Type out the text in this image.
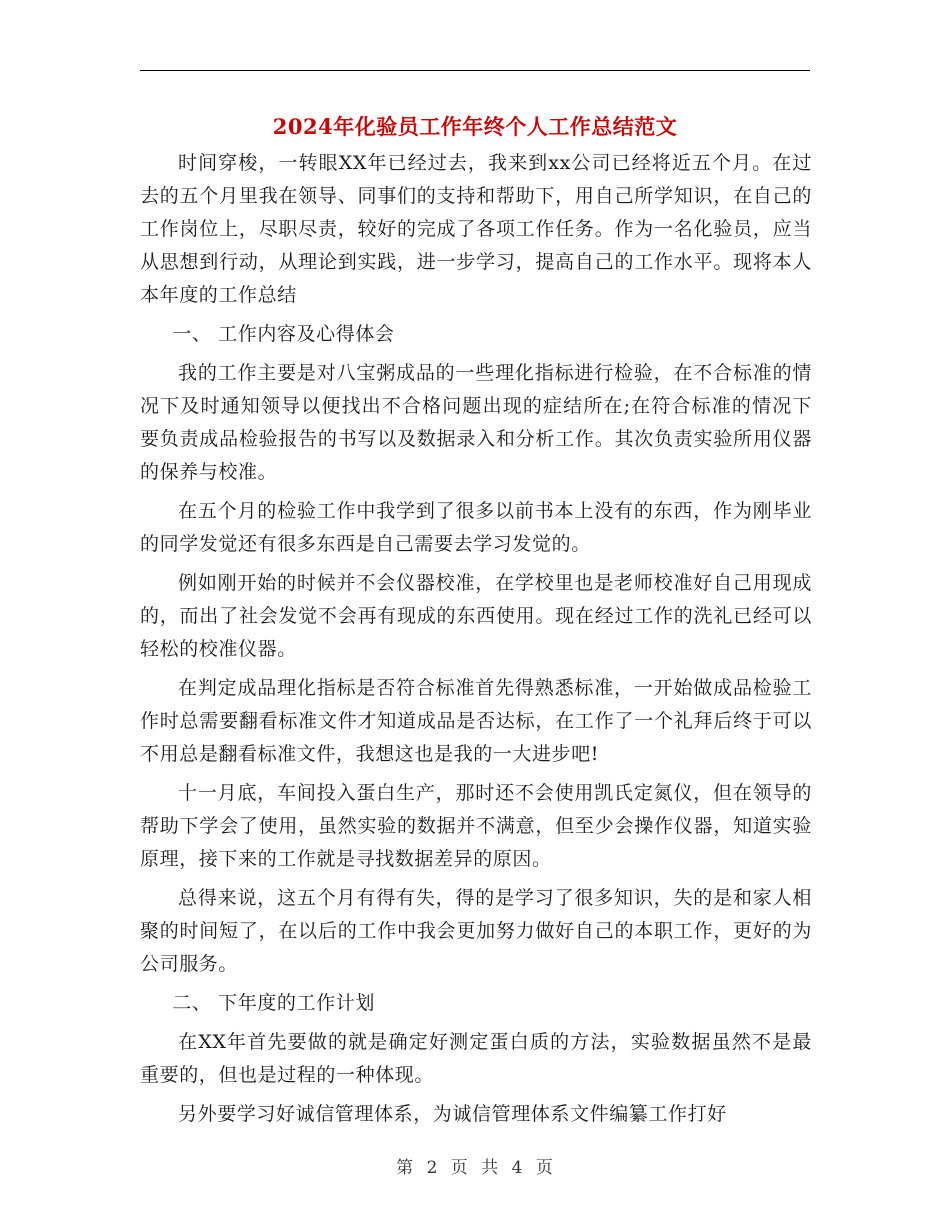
2024年化验员工作年终个人工作总结范文

时间穿梭，一转眼XX年已经过去，我来到xx公司已经将近五个月。在过去的五个月里我在领导、同事们的支持和帮助下，用自己所学知识，在自己的工作岗位上，尽职尽责，较好的完成了各项工作任务。作为一名化验员，应当从思想到行动，从理论到实践，进一步学习，提高自己的工作水平。现将本人本年度的工作总结

一、 工作内容及心得体会

我的工作主要是对八宝粥成品的一些理化指标进行检验，在不合标准的情况下及时通知领导以便找出不合格问题出现的症结所在;在符合标准的情况下要负责成品检验报告的书写以及数据录入和分析工作。其次负责实验所用仪器的保养与校准。

在五个月的检验工作中我学到了很多以前书本上没有的东西，作为刚毕业的同学发觉还有很多东西是自己需要去学习发觉的。

例如刚开始的时候并不会仪器校准，在学校里也是老师校准好自己用现成的，而出了社会发觉不会再有现成的东西使用。现在经过工作的洗礼已经可以轻松的校准仪器。

在判定成品理化指标是否符合标准首先得熟悉标准，一开始做成品检验工作时总需要翻看标准文件才知道成品是否达标，在工作了一个礼拜后终于可以不用总是翻看标准文件，我想这也是我的一大进步吧!

十一月底，车间投入蛋白生产，那时还不会使用凯氏定氮仪，但在领导的帮助下学会了使用，虽然实验的数据并不满意，但至少会操作仪器，知道实验原理，接下来的工作就是寻找数据差异的原因。

总得来说，这五个月有得有失，得的是学习了很多知识，失的是和家人相聚的时间短了，在以后的工作中我会更加努力做好自己的本职工作，更好的为公司服务。

二、 下年度的工作计划

在XX年首先要做的就是确定好测定蛋白质的方法，实验数据虽然不是最重要的，但也是过程的一种体现。

另外要学习好诚信管理体系，为诚信管理体系文件编纂工作打好

第 2 页 共 4 页
